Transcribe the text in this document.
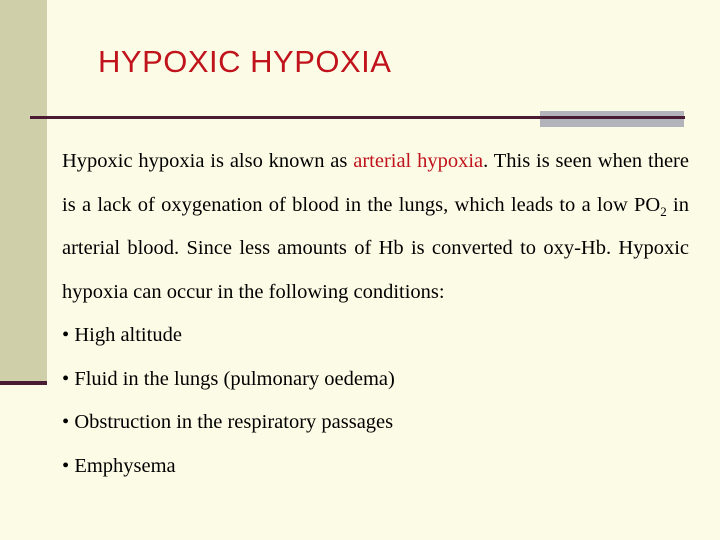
HYPOXIC HYPOXIA

Hypoxic hypoxia is also known as arterial hypoxia. This is seen when there is a lack of oxygenation of blood in the lungs, which leads to a low $PO_2$ in arterial blood. Since less amounts of Hb is converted to oxy-Hb. Hypoxic hypoxia can occur in the following conditions:

• High altitude
• Fluid in the lungs (pulmonary oedema)
• Obstruction in the respiratory passages
• Emphysema
